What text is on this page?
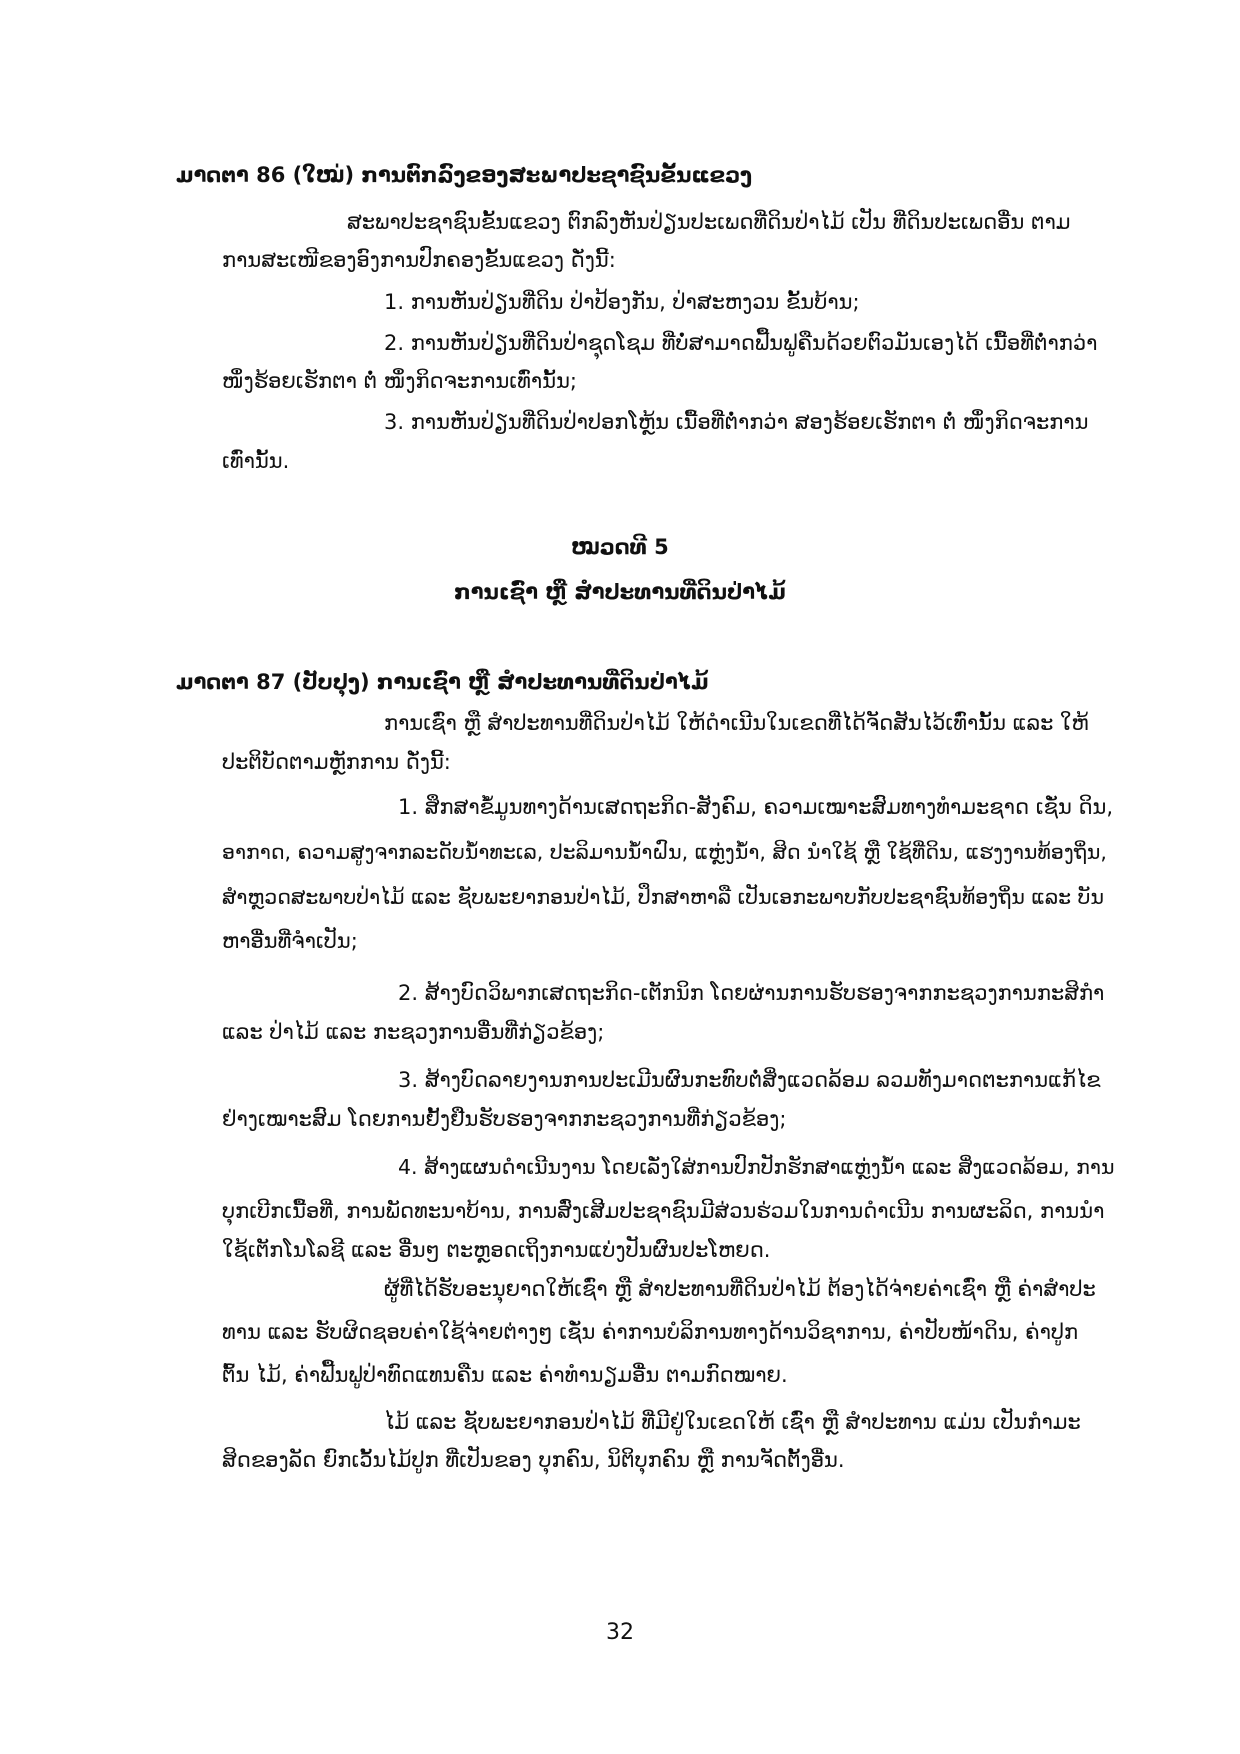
ມາດຕາ 86 (ໃໝ່) ການຕົກລົງຂອງສະພາປະຊາຊົນຂັ້ນແຂວງ
ສະພາປະຊາຊົນຂັ້ນແຂວງ ຕົກລົງຫັນປ່ຽນປະເພດທີ່ດິນປ່າໄມ້ ເປັນ ທີ່ດິນປະເພດອື່ນ ຕາມ
ການສະເໜີຂອງອົງການປົກຄອງຂັ້ນແຂວງ ດັ່ງນີ້:
1. ການຫັນປ່ຽນທີ່ດິນ ປ່າປ້ອງກັນ, ປ່າສະຫງວນ ຂັ້ນບ້ານ;
2. ການຫັນປ່ຽນທີ່ດິນປ່າຊຸດໂຊມ ທີ່ບໍ່ສາມາດຟື້ນຟູຄືນດ້ວຍຕົວມັນເອງໄດ້ ເນື້ອທີ່ຕໍ່າກວ່າ
ໜຶ່ງຮ້ອຍເຮັກຕາ ຕໍ່ ໜຶ່ງກິດຈະການເທົ່ານັ້ນ;
3. ການຫັນປ່ຽນທີ່ດິນປ່າປອກໂຫຼ້ນ ເນື້ອທີ່ຕໍ່າກວ່າ ສອງຮ້ອຍເຮັກຕາ ຕໍ່ ໜຶ່ງກິດຈະການ
ເທົ່ານັ້ນ.
ໝວດທີ 5
ການເຊົ່າ ຫຼື ສຳປະທານທີ່ດິນປ່າໄມ້
ມາດຕາ 87 (ປັບປຸງ) ການເຊົ່າ ຫຼື ສຳປະທານທີ່ດິນປ່າໄມ້
ການເຊົ່າ ຫຼື ສຳປະທານທີ່ດິນປ່າໄມ້ ໃຫ້ດຳເນີນໃນເຂດທີ່ໄດ້ຈັດສັນໄວ້ເທົ່ານັ້ນ ແລະ ໃຫ້
ປະຕິບັດຕາມຫຼັກການ ດັ່ງນີ້:
1. ສຶກສາຂໍ້ມູນທາງດ້ານເສດຖະກິດ-ສັງຄົມ, ຄວາມເໝາະສົມທາງທຳມະຊາດ ເຊັ່ນ ດິນ,
ອາກາດ, ຄວາມສູງຈາກລະດັບນ້ຳທະເລ, ປະລິມານນ້ຳຝົນ, ແຫຼ່ງນ້ຳ, ສິດ ນຳໃຊ້ ຫຼື ໃຊ້ທີ່ດິນ, ແຮງງານທ້ອງຖິ່ນ,
ສຳຫຼວດສະພາບປ່າໄມ້ ແລະ ຊັບພະຍາກອນປ່າໄມ້, ປຶກສາຫາລື ເປັນເອກະພາບກັບປະຊາຊົນທ້ອງຖິ່ນ ແລະ ບັນ
ຫາອື່ນທີ່ຈຳເປັນ;
2. ສ້າງບົດວິພາກເສດຖະກິດ-ເຕັກນິກ ໂດຍຜ່ານການຮັບຮອງຈາກກະຊວງການກະສິກຳ
ແລະ ປ່າໄມ້ ແລະ ກະຊວງການອື່ນທີ່ກ່ຽວຂ້ອງ;
3. ສ້າງບົດລາຍງານການປະເມີນຜົນກະທົບຕໍ່ສິ່ງແວດລ້ອມ ລວມທັງມາດຕະການແກ້ໄຂ
ຢ່າງເໝາະສົມ ໂດຍການຢັ້ງຢືນຮັບຮອງຈາກກະຊວງການທີ່ກ່ຽວຂ້ອງ;
4. ສ້າງແຜນດຳເນີນງານ ໂດຍເລັ່ງໃສ່ການປົກປັກຮັກສາແຫຼ່ງນ້ຳ ແລະ ສິ່ງແວດລ້ອມ, ການ
ບຸກເບີກເນື້ອທີ່, ການພັດທະນາບ້ານ, ການສົ່ງເສີມປະຊາຊົນມີສ່ວນຮ່ວມໃນການດຳເນີນ ການຜະລິດ, ການນຳ
ໃຊ້ເຕັກໂນໂລຊີ ແລະ ອື່ນໆ ຕະຫຼອດເຖິງການແບ່ງປັນຜົນປະໂຫຍດ.
ຜູ້ທີ່ໄດ້ຮັບອະນຸຍາດໃຫ້ເຊົ່າ ຫຼື ສຳປະທານທີ່ດິນປ່າໄມ້ ຕ້ອງໄດ້ຈ່າຍຄ່າເຊົ່າ ຫຼື ຄ່າສຳປະ
ທານ ແລະ ຮັບຜິດຊອບຄ່າໃຊ້ຈ່າຍຕ່າງໆ ເຊັ່ນ ຄ່າການບໍລິການທາງດ້ານວິຊາການ, ຄ່າປັບໜ້າດິນ, ຄ່າປູກ
ຕົ້ນ ໄມ້, ຄ່າຟື້ນຟູປ່າທົດແທນຄືນ ແລະ ຄ່າທຳນຽມອື່ນ ຕາມກົດໝາຍ.
ໄມ້ ແລະ ຊັບພະຍາກອນປ່າໄມ້ ທີ່ມີຢູ່ໃນເຂດໃຫ້ ເຊົ່າ ຫຼື ສຳປະທານ ແມ່ນ ເປັນກຳມະ
ສິດຂອງລັດ ຍົກເວັ້ນໄມ້ປູກ ທີ່ເປັນຂອງ ບຸກຄົນ, ນິຕິບຸກຄົນ ຫຼື ການຈັດຕັ້ງອື່ນ.
32
